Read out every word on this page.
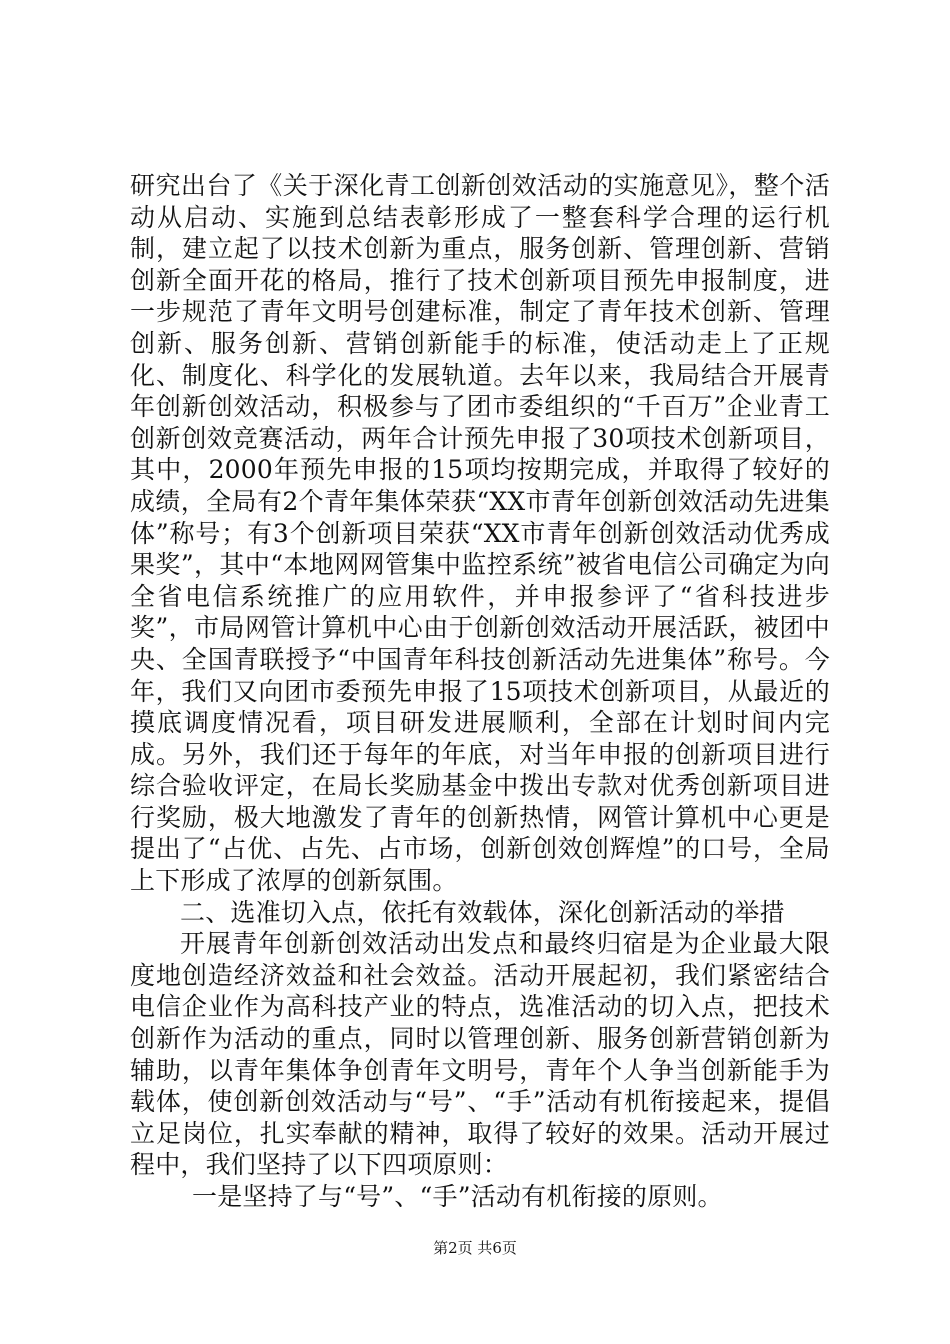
研究出台了《关于深化青工创新创效活动的实施意见》，整个活动从启动、实施到总结表彰形成了一整套科学合理的运行机制，建立起了以技术创新为重点，服务创新、管理创新、营销创新全面开花的格局，推行了技术创新项目预先申报制度，进一步规范了青年文明号创建标准，制定了青年技术创新、管理创新、服务创新、营销创新能手的标准，使活动走上了正规化、制度化、科学化的发展轨道。去年以来，我局结合开展青年创新创效活动，积极参与了团市委组织的“千百万”企业青工创新创效竞赛活动，两年合计预先申报了30项技术创新项目，其中，2000年预先申报的15项均按期完成，并取得了较好的成绩，全局有2个青年集体荣获“XX市青年创新创效活动先进集体”称号；有3个创新项目荣获“XX市青年创新创效活动优秀成果奖”，其中“本地网网管集中监控系统”被省电信公司确定为向全省电信系统推广的应用软件，并申报参评了“省科技进步奖”，市局网管计算机中心由于创新创效活动开展活跃，被团中央、全国青联授予“中国青年科技创新活动先进集体”称号。今年，我们又向团市委预先申报了15项技术创新项目，从最近的摸底调度情况看，项目研发进展顺利，全部在计划时间内完成。另外，我们还于每年的年底，对当年申报的创新项目进行综合验收评定，在局长奖励基金中拨出专款对优秀创新项目进行奖励，极大地激发了青年的创新热情，网管计算机中心更是提出了“占优、占先、占市场，创新创效创辉煌”的口号，全局上下形成了浓厚的创新氛围。

二、选准切入点，依托有效载体，深化创新活动的举措

开展青年创新创效活动出发点和最终归宿是为企业最大限度地创造经济效益和社会效益。活动开展起初，我们紧密结合电信企业作为高科技产业的特点，选准活动的切入点，把技术创新作为活动的重点，同时以管理创新、服务创新营销创新为辅助，以青年集体争创青年文明号，青年个人争当创新能手为载体，使创新创效活动与“号”、“手”活动有机衔接起来，提倡立足岗位，扎实奉献的精神，取得了较好的效果。活动开展过程中，我们坚持了以下四项原则：

一是坚持了与“号”、“手”活动有机衔接的原则。

第2页 共6页
